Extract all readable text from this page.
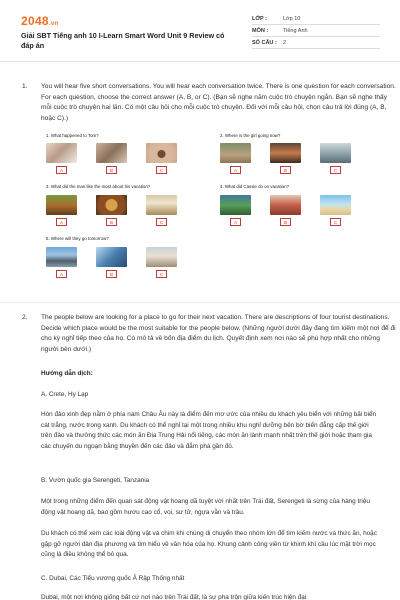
2048.vn
Giải SBT Tiếng anh 10 I-Learn Smart Word Unit 9 Review có đáp án
LỚP :	Lớp 10
MÔN :	Tiếng Anh
SỐ CÂU :	2
1. You will hear five short conversations. You will hear each conversation twice. There is one question for each conversation. For each question, choose the correct answer (A, B, or C). (Bạn sẽ nghe năm cuộc trò chuyện ngắn. Bạn sẽ nghe thấy mỗi cuộc trò chuyện hai lần. Có một câu hỏi cho mỗi cuộc trò chuyện. Đối với mỗi câu hỏi, chọn câu trả lời đúng (A, B, hoặc C).)
1. What happened to Tom?
A	B	C
2. Where is the girl going now?
A	B	C
3. What did the man like the most about his vacation?
A	B	C
4. What did Cassie do on vacation?
A	B	C
5. Where will they go tomorrow?
A	B	C
2. The people below are looking for a place to go for their next vacation. There are descriptions of four tourist destinations. Decide which place would be the most suitable for the people below. (Những người dưới đây đang tìm kiếm một nơi để đi cho kỳ nghỉ tiếp theo của họ. Có mô tả về bốn địa điểm du lịch. Quyết định xem nơi nào sẽ phù hợp nhất cho những người bên dưới.)
Hướng dẫn dịch:
A. Crete, Hy Lạp
Hòn đảo xinh đẹp nằm ở phía nam Châu Âu này là điểm đến mơ ước của nhiều du khách yêu biển với những bãi biển cát trắng, nước trong xanh. Du khách có thể nghỉ tại một trong nhiều khu nghỉ dưỡng bên bờ biển đẳng cấp thế giới trên đảo và thưởng thức các món ăn Địa Trung Hải nổi tiếng, các món ăn lành mạnh nhất trên thế giới hoặc tham gia các chuyến du ngoạn bằng thuyền đến các đảo và đắm phá gần đó.
B. Vườn quốc gia Serengeti, Tanzania
Một trong những điểm đến quan sát động vật hoang dã tuyệt vời nhất trên Trái đất, Serengeti là sừng của hàng triệu động vật hoang dã, bao gồm hươu cao cổ, voi, sư tử, ngựa vằn và trâu.
Du khách có thể xem các loài động vật và chim khi chúng di chuyển theo nhóm lớn để tìm kiếm nước và thức ăn, hoặc gặp gỡ người dân địa phương và tìm hiểu về văn hóa của họ. Khung cảnh công viên từ khinh khí cầu lúc mặt trời mọc cũng là điều không thể bỏ qua.
C. Dubai, Các Tiểu vương quốc Ả Rập Thống nhất
Dubai, một nơi không giống bất cứ nơi nào trên Trái đất, là sự pha trộn giữa kiến trúc hiện đại
